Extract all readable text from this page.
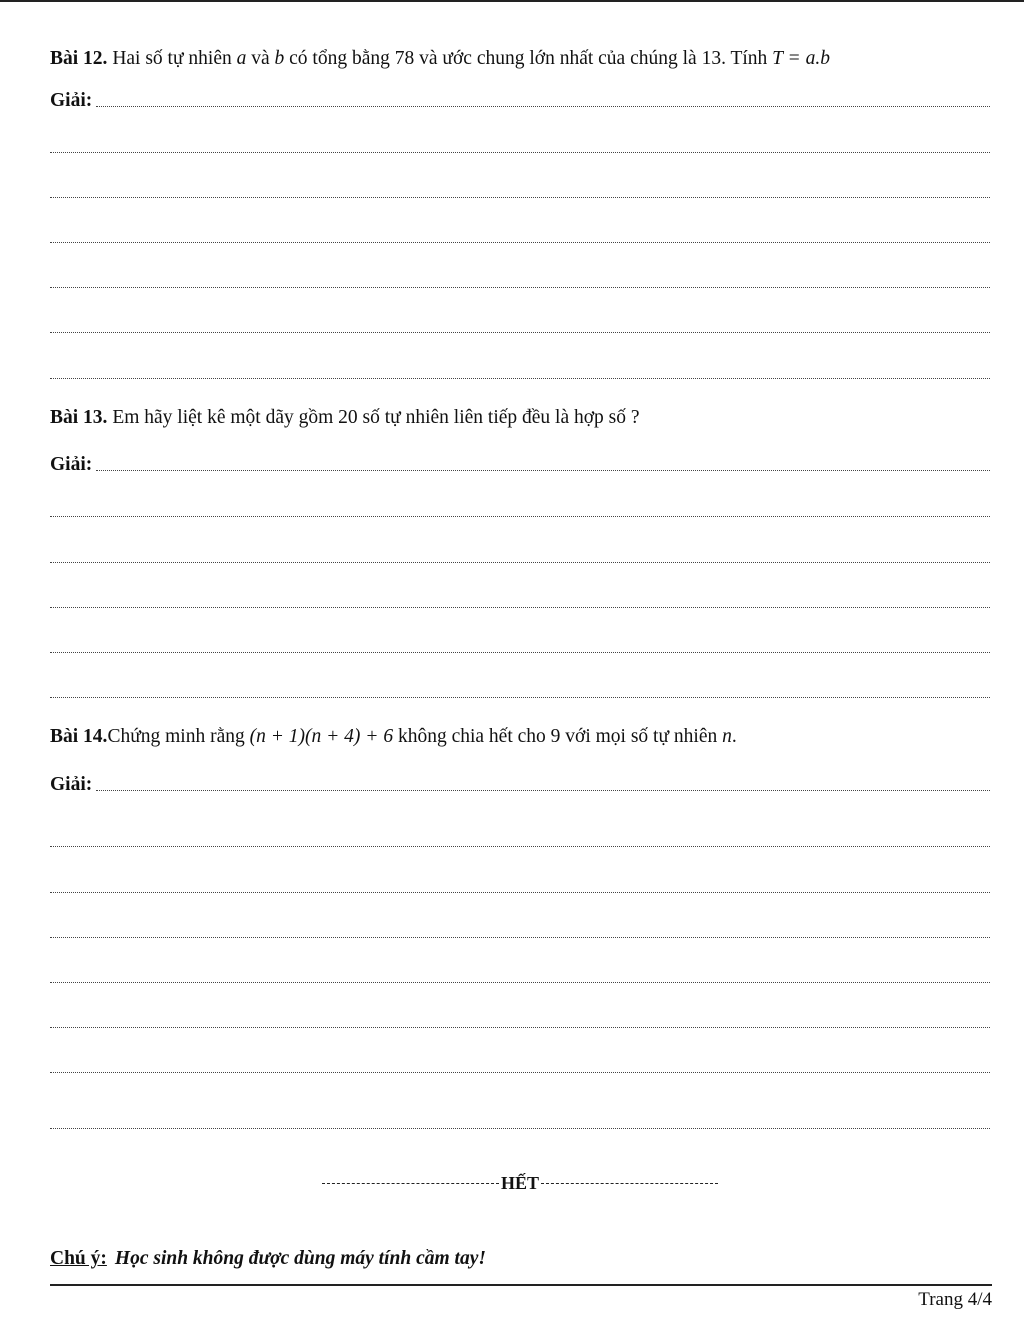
Bài 12. Hai số tự nhiên a và b có tổng bằng 78 và ước chung lớn nhất của chúng là 13. Tính T = a.b
Giải:
Bài 13. Em hãy liệt kê một dãy gồm 20 số tự nhiên liên tiếp đều là hợp số ?
Giải:
Bài 14.Chứng minh rằng (n + 1)(n + 4) + 6 không chia hết cho 9 với mọi số tự nhiên n.
Giải:
HẾT
Chú ý: Học sinh không được dùng máy tính cầm tay!
Trang 4/4
